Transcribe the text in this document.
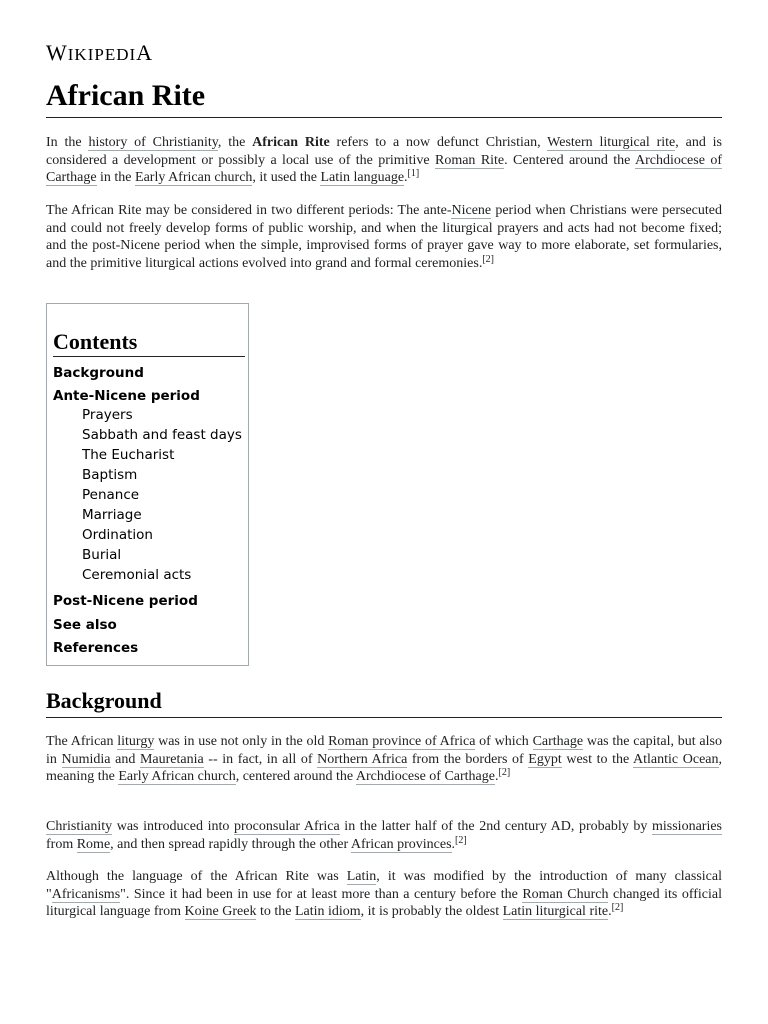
WIKIPEDIA
African Rite

In the history of Christianity, the African Rite refers to a now defunct Christian, Western liturgical rite, and is considered a development or possibly a local use of the primitive Roman Rite. Centered around the Archdiocese of Carthage in the Early African church, it used the Latin language.[1]

The African Rite may be considered in two different periods: The ante-Nicene period when Christians were persecuted and could not freely develop forms of public worship, and when the liturgical prayers and acts had not become fixed; and the post-Nicene period when the simple, improvised forms of prayer gave way to more elaborate, set formularies, and the primitive liturgical actions evolved into grand and formal ceremonies.[2]

Contents
Background
Ante-Nicene period
Prayers
Sabbath and feast days
The Eucharist
Baptism
Penance
Marriage
Ordination
Burial
Ceremonial acts
Post-Nicene period
See also
References
Background

The African liturgy was in use not only in the old Roman province of Africa of which Carthage was the capital, but also in Numidia and Mauretania -- in fact, in all of Northern Africa from the borders of Egypt west to the Atlantic Ocean, meaning the Early African church, centered around the Archdiocese of Carthage.[2]

Christianity was introduced into proconsular Africa in the latter half of the 2nd century AD, probably by missionaries from Rome, and then spread rapidly through the other African provinces.[2]

Although the language of the African Rite was Latin, it was modified by the introduction of many classical "Africanisms". Since it had been in use for at least more than a century before the Roman Church changed its official liturgical language from Koine Greek to the Latin idiom, it is probably the oldest Latin liturgical rite.[2]
